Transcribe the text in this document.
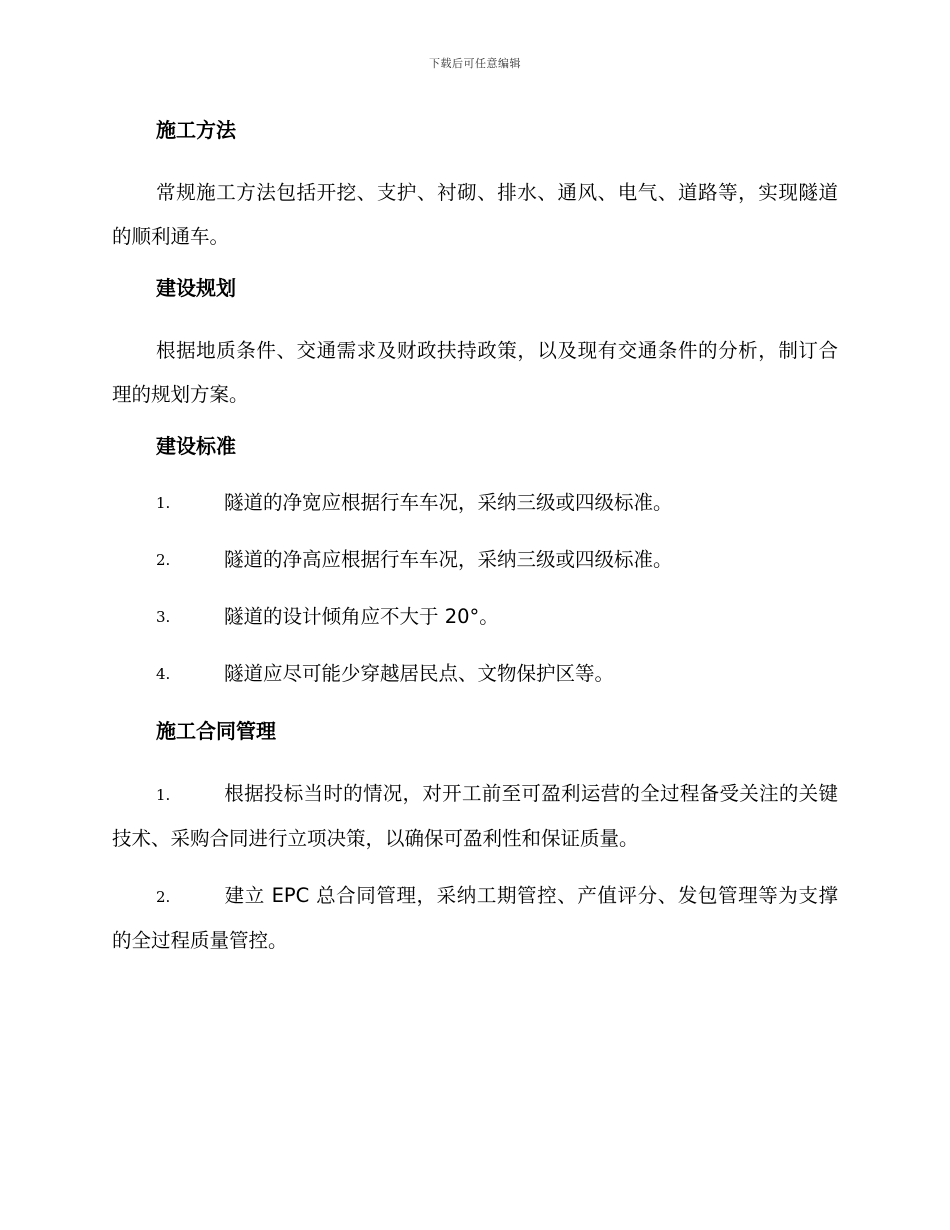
下载后可任意编辑
施工方法
常规施工方法包括开挖、支护、衬砌、排水、通风、电气、道路等，实现隧道的顺利通车。
建设规划
根据地质条件、交通需求及财政扶持政策，以及现有交通条件的分析，制订合理的规划方案。
建设标准
1.	隧道的净宽应根据行车车况，采纳三级或四级标准。
2.	隧道的净高应根据行车车况，采纳三级或四级标准。
3.	隧道的设计倾角应不大于 20°。
4.	隧道应尽可能少穿越居民点、文物保护区等。
施工合同管理
1.	根据投标当时的情况，对开工前至可盈利运营的全过程备受关注的关键技术、采购合同进行立项决策，以确保可盈利性和保证质量。
2.	建立 EPC 总合同管理，采纳工期管控、产值评分、发包管理等为支撑的全过程质量管控。
